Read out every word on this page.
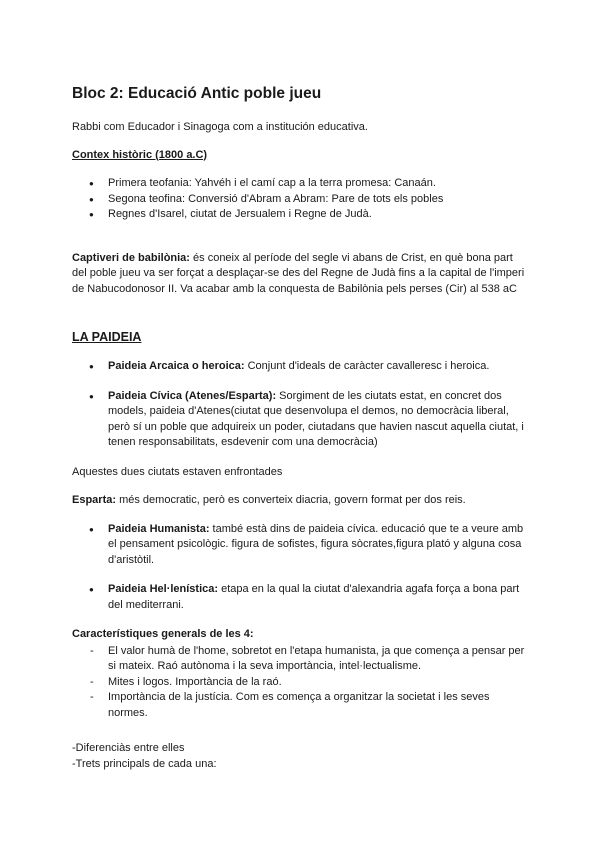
Bloc 2: Educació Antic poble jueu

Rabbi com Educador i Sinagoga com a institución educativa.

Contex històric (1800 a.C)

● Primera teofania: Yahvéh i el camí cap a la terra promesa: Canaán.
● Segona teofina: Conversió d'Abram a Abram: Pare de tots els pobles
● Regnes d'Isarel, ciutat de Jersualem i Regne de Judà.

Captiveri de babilònia: és coneix al període del segle vi abans de Crist, en què bona part del poble jueu va ser forçat a desplaçar-se des del Regne de Judà fins a la capital de l'imperi de Nabucodonosor II. Va acabar amb la conquesta de Babilònia pels perses (Cir) al 538 aC

LA PAIDEIA
● Paideia Arcaica o heroica: Conjunt d'ideals de caràcter cavalleresc i heroica.
● Paideia Cívica (Atenes/Esparta): Sorgiment de les ciutats estat, en concret dos models, paideia d'Atenes(ciutat que desenvolupa el demos, no democràcia liberal, però sí un poble que adquireix un poder, ciutadans que havien nascut aquella ciutat, i tenen responsabilitats, esdevenir com una democràcia)

Aquestes dues ciutats estaven enfrontades

Esparta: més democratic, però es converteix diacria, govern format per dos reis.

● Paideia Humanista: també està dins de paideia cívica. educació que te a veure amb el pensament psicològic. figura de sofistes, figura sòcrates,figura plató y alguna cosa d'aristòtil.
● Paideia Hel·lenística: etapa en la qual la ciutat d'alexandria agafa força a bona part del mediterrani.

Característiques generals de les 4:

- El valor humà de l'home, sobretot en l'etapa humanista, ja que comença a pensar per si mateix. Raó autònoma i la seva importància, intel·lectualisme.
- Mites i logos. Importància de la raó.
- Importància de la justícia. Com es comença a organitzar la societat i les seves normes.

-Diferenciàs entre elles

-Trets principals de cada una:
